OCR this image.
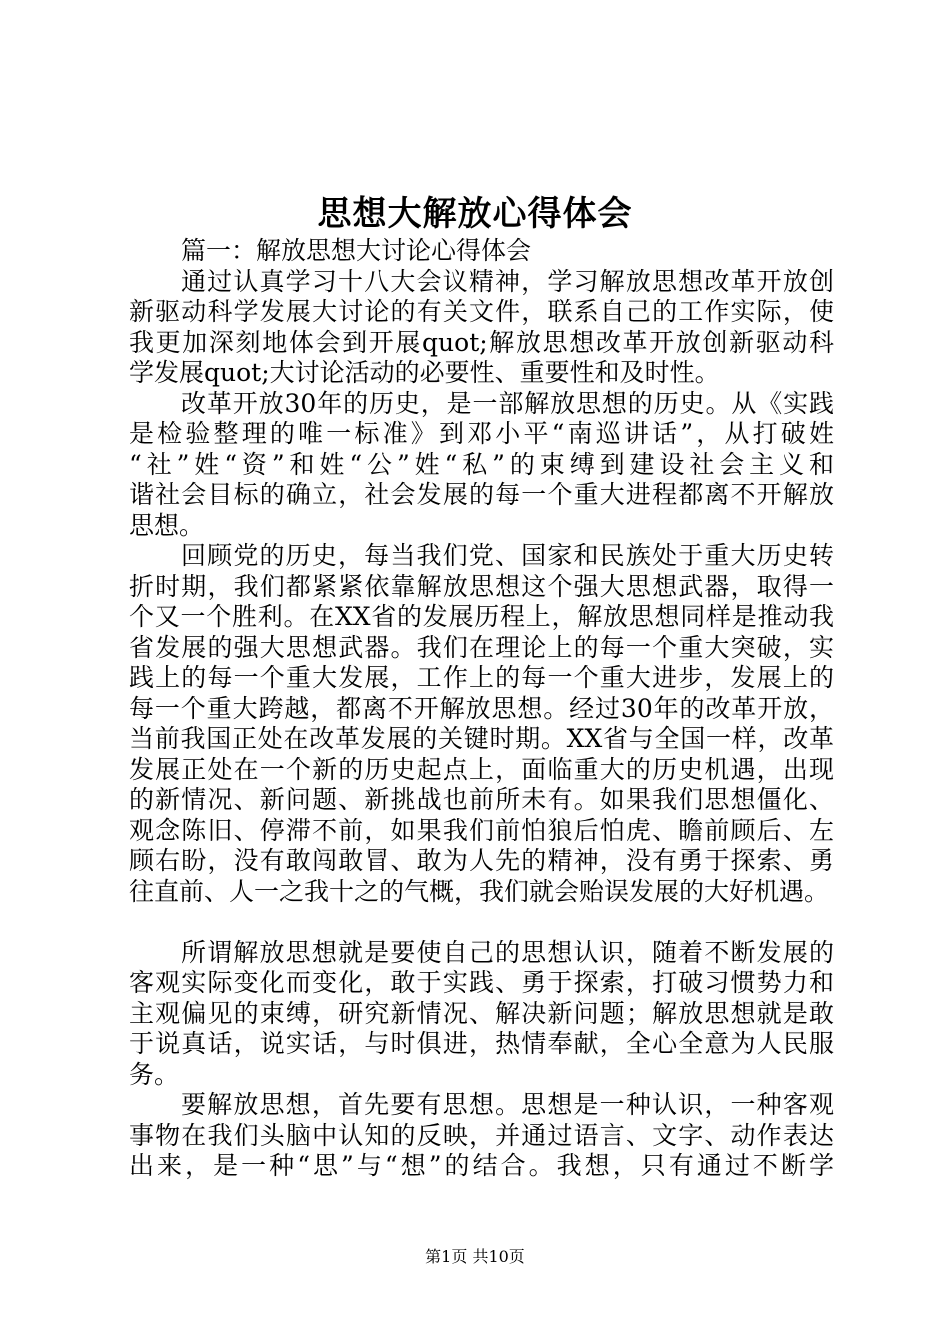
思想大解放心得体会
篇一：解放思想大讨论心得体会
通过认真学习十八大会议精神，学习解放思想改革开放创
新驱动科学发展大讨论的有关文件，联系自己的工作实际，使
我更加深刻地体会到开展quot;解放思想改革开放创新驱动科
学发展quot;大讨论活动的必要性、重要性和及时性。
改革开放30年的历史，是一部解放思想的历史。从《实践
是检验整理的唯一标准》到邓小平“南巡讲话”，从打破姓
“社”姓“资”和姓“公”姓“私”的束缚到建设社会主义和
谐社会目标的确立，社会发展的每一个重大进程都离不开解放
思想。
回顾党的历史，每当我们党、国家和民族处于重大历史转
折时期，我们都紧紧依靠解放思想这个强大思想武器，取得一
个又一个胜利。在XX省的发展历程上，解放思想同样是推动我
省发展的强大思想武器。我们在理论上的每一个重大突破，实
践上的每一个重大发展，工作上的每一个重大进步，发展上的
每一个重大跨越，都离不开解放思想。经过30年的改革开放，
当前我国正处在改革发展的关键时期。XX省与全国一样，改革
发展正处在一个新的历史起点上，面临重大的历史机遇，出现
的新情况、新问题、新挑战也前所未有。如果我们思想僵化、
观念陈旧、停滞不前，如果我们前怕狼后怕虎、瞻前顾后、左
顾右盼，没有敢闯敢冒、敢为人先的精神，没有勇于探索、勇
往直前、人一之我十之的气概，我们就会贻误发展的大好机遇。
所谓解放思想就是要使自己的思想认识，随着不断发展的
客观实际变化而变化，敢于实践、勇于探索，打破习惯势力和
主观偏见的束缚，研究新情况、解决新问题；解放思想就是敢
于说真话，说实话，与时俱进，热情奉献，全心全意为人民服
务。
要解放思想，首先要有思想。思想是一种认识，一种客观
事物在我们头脑中认知的反映，并通过语言、文字、动作表达
出来，是一种“思”与“想”的结合。我想，只有通过不断学
第1页 共10页
